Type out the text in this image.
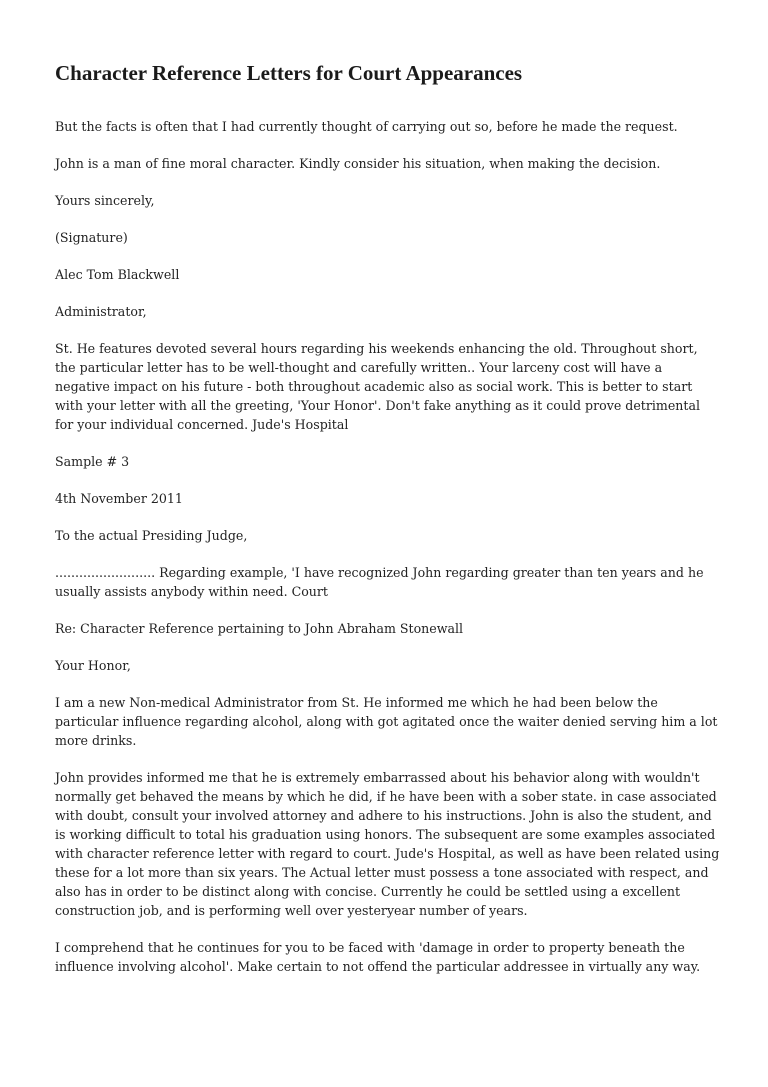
Character Reference Letters for Court Appearances

But the facts is often that I had currently thought of carrying out so, before he made the request.

John is a man of fine moral character. Kindly consider his situation, when making the decision.

Yours sincerely,

(Signature)

Alec Tom Blackwell

Administrator,

St. He features devoted several hours regarding his weekends enhancing the old. Throughout short, the particular letter has to be well-thought and carefully written.. Your larceny cost will have a negative impact on his future - both throughout academic also as social work. This is better to start with your letter with all the greeting, 'Your Honor'. Don't fake anything as it could prove detrimental for your individual concerned. Jude's Hospital

Sample # 3

4th November 2011

To the actual Presiding Judge,

......................... Regarding example, 'I have recognized John regarding greater than ten years and he usually assists anybody within need. Court

Re: Character Reference pertaining to John Abraham Stonewall

Your Honor,

I am a new Non-medical Administrator from St. He informed me which he had been below the particular influence regarding alcohol, along with got agitated once the waiter denied serving him a lot more drinks.

John provides informed me that he is extremely embarrassed about his behavior along with wouldn't normally get behaved the means by which he did, if he have been with a sober state. in case associated with doubt, consult your involved attorney and adhere to his instructions. John is also the student, and is working difficult to total his graduation using honors. The subsequent are some examples associated with character reference letter with regard to court. Jude's Hospital, as well as have been related using these for a lot more than six years. The Actual letter must possess a tone associated with respect, and also has in order to be distinct along with concise. Currently he could be settled using a excellent construction job, and is performing well over yesteryear number of years.

I comprehend that he continues for you to be faced with 'damage in order to property beneath the influence involving alcohol'. Make certain to not offend the particular addressee in virtually any way.
